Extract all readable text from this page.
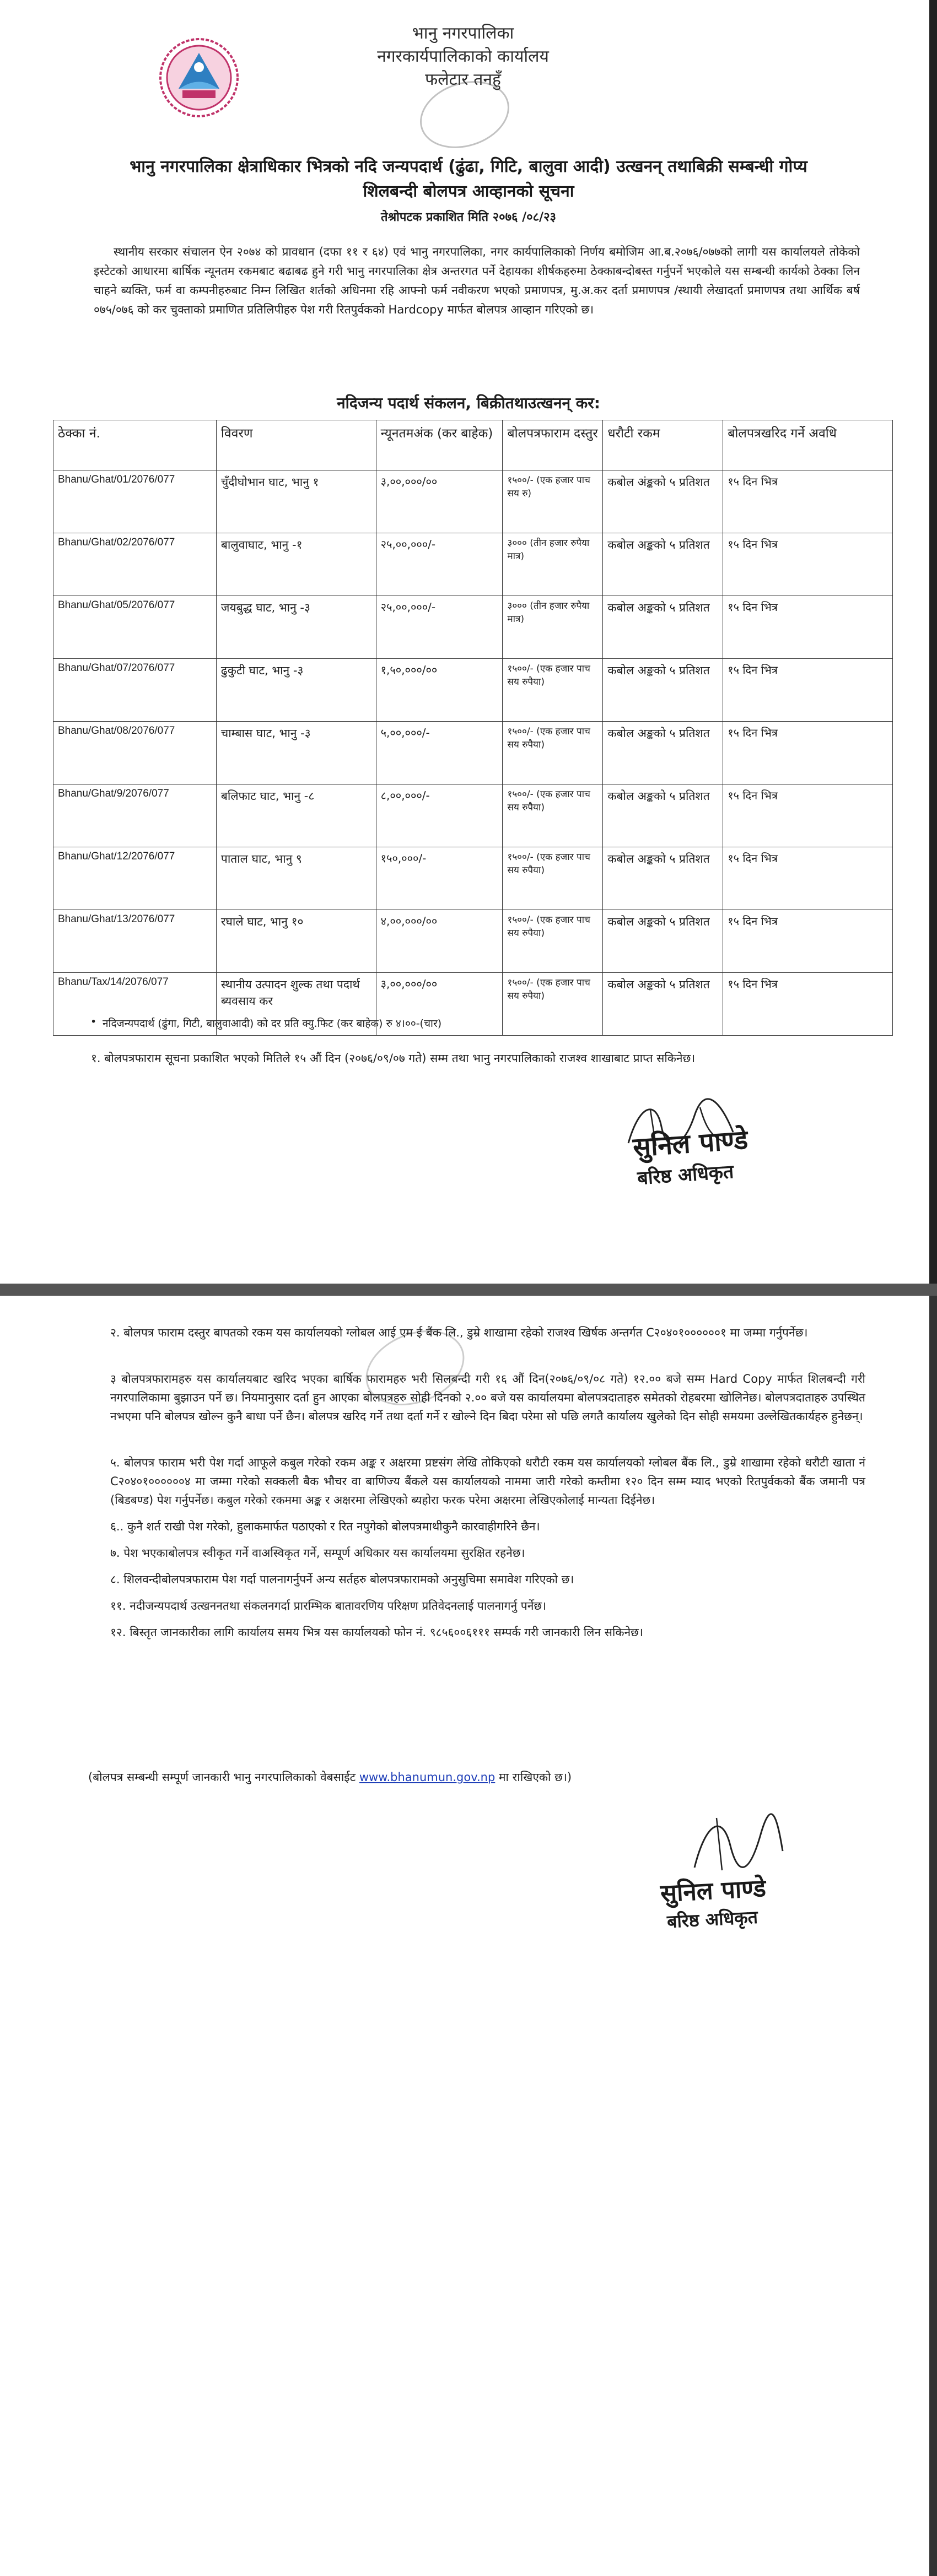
भानु नगरपालिका
नगरकार्यपालिकाको कार्यालय
फलेटार तनहुँ
भानु नगरपालिका क्षेत्राधिकार भित्रको नदि जन्यपदार्थ (ढुंढा, गिटि, बालुवा आदी) उत्खनन् तथाबिक्री सम्बन्धी गोप्य
शिलबन्दी बोलपत्र आव्हानको सूचना
तेश्रोपटक प्रकाशित मिति २०७६ /०८/२३
स्थानीय सरकार संचालन ऐन २०७४ को प्रावधान (दफा ११ र ६४) एवं भानु नगरपालिका, नगर कार्यपालिकाको निर्णय बमोजिम आ.ब.२०७६/०७७को लागी यस कार्यालयले तोकेको इस्टेटको आधारमा बार्षिक न्यूनतम रकमबाट बढाबढ हुने गरी भानु नगरपालिका क्षेत्र अन्तरगत पर्ने देहायका शीर्षकहरुमा ठेक्काबन्दोबस्त गर्नुपर्ने भएकोले यस सम्बन्धी कार्यको ठेक्का लिन चाहने ब्यक्ति, फर्म वा कम्पनीहरुबाट निम्न लिखित शर्तको अधिनमा रहि आफ्नो फर्म नवीकरण भएको प्रमाणपत्र, मु.अ.कर दर्ता प्रमाणपत्र /स्थायी लेखादर्ता प्रमाणपत्र तथा आर्थिक बर्ष ०७५/०७६ को कर चुक्ताको प्रमाणित प्रतिलिपीहरु पेश गरी रितपुर्वकको Hardcopy मार्फत बोलपत्र आव्हान गरिएको छ।
नदिजन्य पदार्थ संकलन, बिक्रीतथाउत्खनन् कर:
ठेक्का नं.	विवरण	न्यूनतमअंक (कर बाहेक)	बोलपत्रफाराम दस्तुर	धरौटी रकम	बोलपत्रखरिद गर्ने अवधि
Bhanu/Ghat/01/2076/077	चुँदीघोभान घाट, भानु १	३,००,०००/००	१५००/- (एक हजार पाच सय रु)	कबोल अंङ्कको ५ प्रतिशत	१५ दिन भित्र
Bhanu/Ghat/02/2076/077	बालुवाघाट, भानु -१	२५,००,०००/-	३००० (तीन हजार रुपैया मात्र)	कबोल अङ्कको ५ प्रतिशत	१५ दिन भित्र
Bhanu/Ghat/05/2076/077	जयबुद्ध घाट, भानु -३	२५,००,०००/-	३००० (तीन हजार रुपैया मात्र)	कबोल अङ्कको ५ प्रतिशत	१५ दिन भित्र
Bhanu/Ghat/07/2076/077	ढुकुटी घाट, भानु -३	१,५०,०००/००	१५००/- (एक हजार पाच सय रुपैया)	कबोल अङ्कको ५ प्रतिशत	१५ दिन भित्र
Bhanu/Ghat/08/2076/077	चाम्बास घाट, भानु -३	५,००,०००/-	१५००/- (एक हजार पाच सय रुपैया)	कबोल अङ्कको ५ प्रतिशत	१५ दिन भित्र
Bhanu/Ghat/9/2076/077	बलिफाट घाट, भानु -८	८,००,०००/-	१५००/- (एक हजार पाच सय रुपैया)	कबोल अङ्कको ५ प्रतिशत	१५ दिन भित्र
Bhanu/Ghat/12/2076/077	पाताल घाट, भानु ९	१५०,०००/-	१५००/- (एक हजार पाच सय रुपैया)	कबोल अङ्कको ५ प्रतिशत	१५ दिन भित्र
Bhanu/Ghat/13/2076/077	रघाले घाट, भानु १०	४,००,०००/००	१५००/- (एक हजार पाच सय रुपैया)	कबोल अङ्कको ५ प्रतिशत	१५ दिन भित्र
Bhanu/Tax/14/2076/077	स्थानीय उत्पादन शुल्क तथा पदार्थ ब्यवसाय कर	३,००,०००/००	१५००/- (एक हजार पाच सय रुपैया)	कबोल अङ्कको ५ प्रतिशत	१५ दिन भित्र
• नदिजन्यपदार्थ (ढुंगा, गिटी, बालुवाआदी) को दर प्रति क्यु.फिट (कर बाहेक) रु ४।००-(चार)
१. बोलपत्रफाराम सूचना प्रकाशित भएको मितिले १५ औं दिन (२०७६/०९/०७ गते) सम्म तथा भानु नगरपालिकाको राजश्व शाखाबाट प्राप्त सकिनेछ।
सुनिल पाण्डे
बरिष्ठ अधिकृत
२. बोलपत्र फाराम दस्तुर बापतको रकम यस कार्यालयको ग्लोबल आई एम ई बैंक लि., डुम्रे शाखामा रहेको राजश्व खिर्षक अन्तर्गत C२०४०१००००००१ मा जम्मा गर्नुपर्नेछ।
३ बोलपत्रफारामहरु यस कार्यालयबाट खरिद भएका बार्षिक फारामहरु भरी सिलबन्दी गरी १६ औं दिन(२०७६/०९/०८ गते) १२.०० बजे सम्म Hard Copy मार्फत शिलबन्दी गरी नगरपालिकामा बुझाउन पर्ने छ। नियमानुसार दर्ता हुन आएका बोलपत्रहरु सोही दिनको २.०० बजे यस कार्यालयमा बोलपत्रदाताहरु समेतको रोहबरमा खोलिनेछ। बोलपत्रदाताहरु उपस्थित नभएमा पनि बोलपत्र खोल्न कुनै बाधा पर्ने छैन। बोलपत्र खरिद गर्ने तथा दर्ता गर्ने र खोल्ने दिन बिदा परेमा सो पछि लगतै कार्यालय खुलेको दिन सोही समयमा उल्लेखितकार्यहरु हुनेछन्।
५. बोलपत्र फाराम भरी पेश गर्दा आफूले कबुल गरेको रकम अङ्क र अक्षरमा प्रष्टसंग लेखि तोकिएको धरौटी रकम यस कार्यालयको ग्लोबल बैंक लि., डुम्रे शाखामा रहेको धरौटी खाता नं C२०४०१००००००४ मा जम्मा गरेको सक्कली बैक भौचर वा बाणिज्य बैंकले यस कार्यालयको नाममा जारी गरेको कम्तीमा १२० दिन सम्म म्याद भएको रितपुर्वकको बैंक जमानी पत्र (बिडबण्ड) पेश गर्नुपर्नेछ। कबुल गरेको रकममा अङ्क र अक्षरमा लेखिएको ब्यहोरा फरक परेमा अक्षरमा लेखिएकोलाई मान्यता दिईनेछ।
६.. कुनै शर्त राखी पेश गरेको, हुलाकमार्फत पठाएको र रित नपुगेको बोलपत्रमाथीकुनै कारवाहीगरिने छैन।
७. पेश भएकाबोलपत्र स्वीकृत गर्ने वाअस्विकृत गर्ने, सम्पूर्ण अधिकार यस कार्यालयमा सुरक्षित रहनेछ।
८. शिलवन्दीबोलपत्रफाराम पेश गर्दा पालनागर्नुपर्ने अन्य सर्तहरु बोलपत्रफारामको अनुसुचिमा समावेश गरिएको छ।
११. नदीजन्यपदार्थ उत्खननतथा संकलनगर्दा प्रारम्भिक बातावरणिय परिक्षण प्रतिवेदनलाई पालनागर्नु पर्नेछ।
१२. बिस्तृत जानकारीका लागि कार्यालय समय भित्र यस कार्यालयको फोन नं. ९८५६००६१११ सम्पर्क गरी जानकारी लिन सकिनेछ।
(बोलपत्र सम्बन्धी सम्पूर्ण जानकारी भानु नगरपालिकाको वेबसाईट www.bhanumun.gov.np मा राखिएको छ।)
सुनिल पाण्डे
बरिष्ठ अधिकृत
